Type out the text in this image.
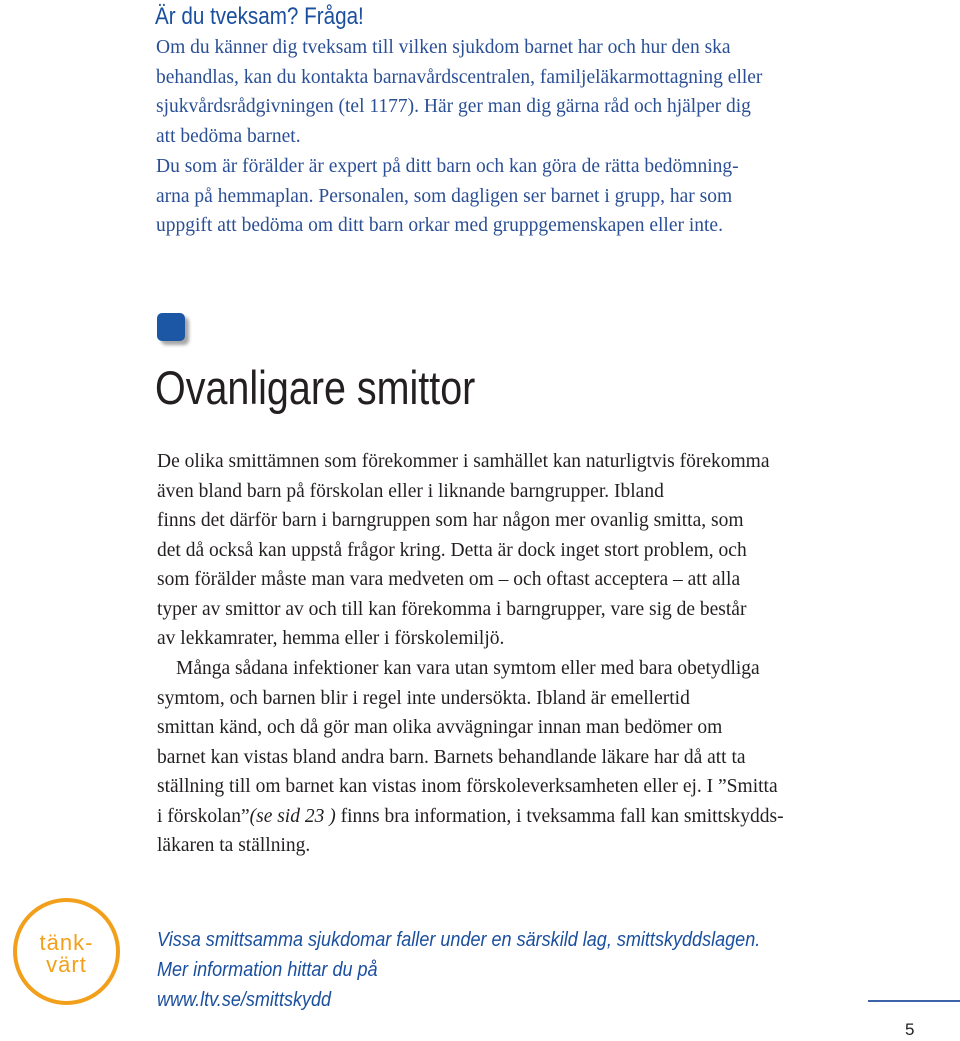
Är du tveksam? Fråga!

Om du känner dig tveksam till vilken sjukdom barnet har och hur den ska
behandlas, kan du kontakta barnavårdscentralen, familjeläkarmottagning eller
sjukvårdsrådgivningen (tel 1177). Här ger man dig gärna råd och hjälper dig
att bedöma barnet.

Du som är förälder är expert på ditt barn och kan göra de rätta bedömning-
arna på hemmaplan. Personalen, som dagligen ser barnet i grupp, har som
uppgift att bedöma om ditt barn orkar med gruppgemenskapen eller inte.

Ovanligare smittor

De olika smittämnen som förekommer i samhället kan naturligtvis förekomma
även bland barn på förskolan eller i liknande barngrupper. Ibland
finns det därför barn i barngruppen som har någon mer ovanlig smitta, som
det då också kan uppstå frågor kring. Detta är dock inget stort problem, och
som förälder måste man vara medveten om – och oftast acceptera – att alla
typer av smittor av och till kan förekomma i barngrupper, vare sig de består
av lekkamrater, hemma eller i förskolemiljö.

Många sådana infektioner kan vara utan symtom eller med bara obetydliga
symtom, och barnen blir i regel inte undersökta. Ibland är emellertid
smittan känd, och då gör man olika avvägningar innan man bedömer om
barnet kan vistas bland andra barn. Barnets behandlande läkare har då att ta
ställning till om barnet kan vistas inom förskoleverksamheten eller ej. I ”Smitta
i förskolan”(se sid 23 ) finns bra information, i tveksamma fall kan smittskydds-
läkaren ta ställning.

tänk-
värt
Vissa smittsamma sjukdomar faller under en särskild lag, smittskyddslagen.
Mer information hittar du på
www.ltv.se/smittskydd
5
